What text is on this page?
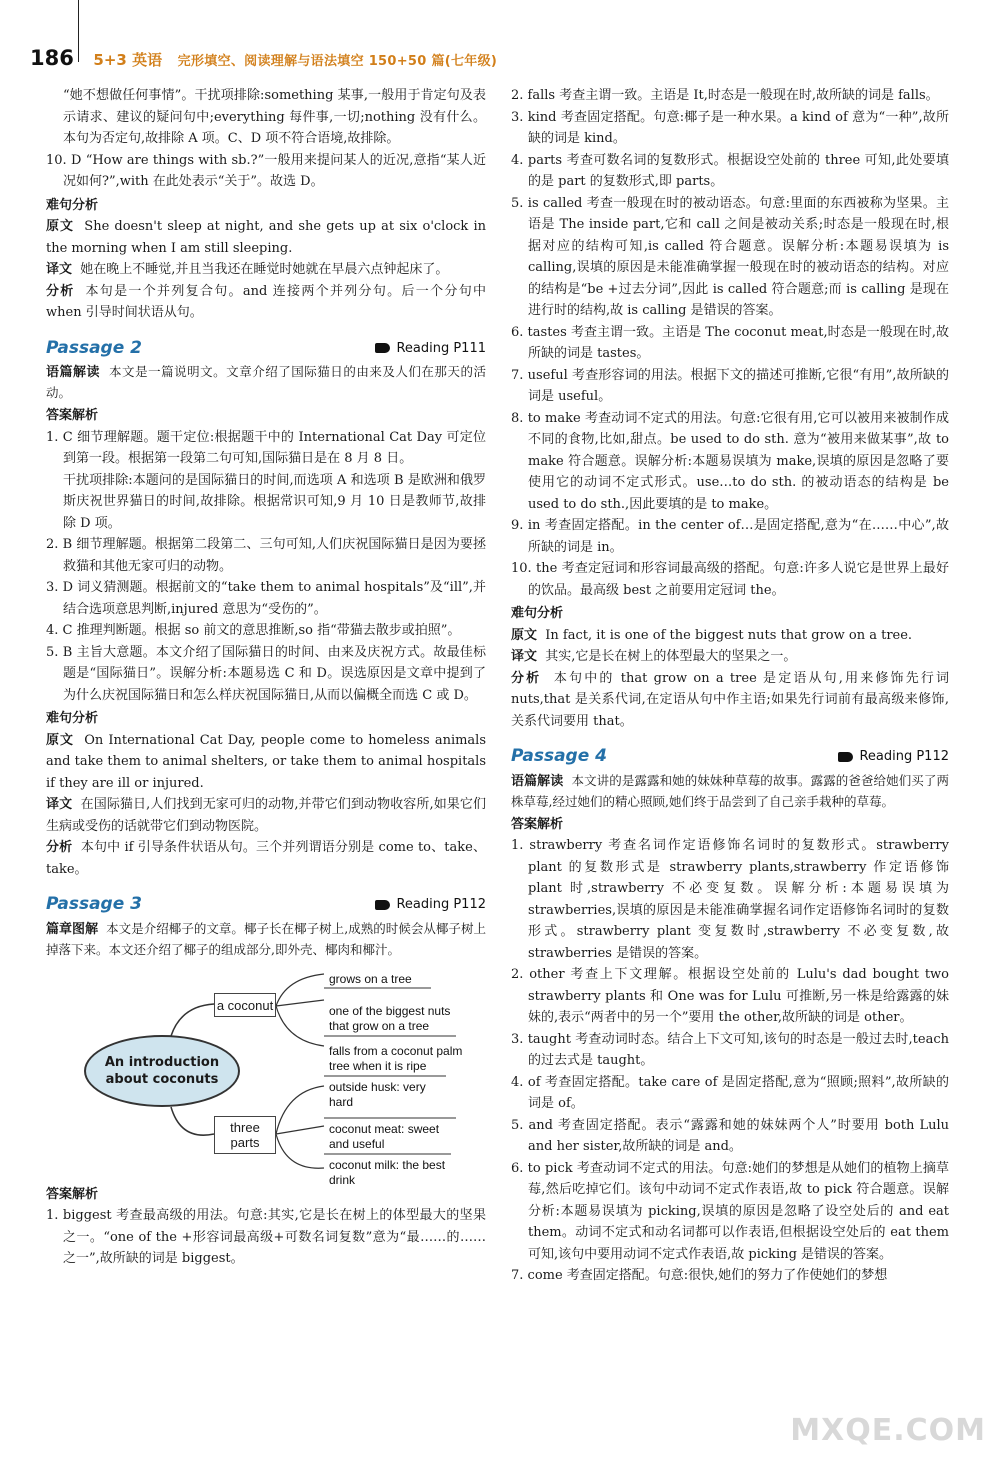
186 5+3 英语 完形填空、阅读理解与语法填空 150+50 篇(七年级)
“她不想做任何事情”。干扰项排除:something 某事,一般用于肯定句及表示请求、建议的疑问句中;everything 每件事,一切;nothing 没有什么。本句为否定句,故排除 A 项。C、D 项不符合语境,故排除。
10. D “How are things with sb.?”一般用来提问某人的近况,意指“某人近况如何?”,with 在此处表示“关于”。故选 D。
难句分析
原文 She doesn't sleep at night, and she gets up at six o'clock in the morning when I am still sleeping.
译文 她在晚上不睡觉,并且当我还在睡觉时她就在早晨六点钟起床了。
分析 本句是一个并列复合句。and 连接两个并列分句。后一个分句中 when 引导时间状语从句。
Passage 2	Reading P111
语篇解读 本文是一篇说明文。文章介绍了国际猫日的由来及人们在那天的活动。
答案解析
1. C 细节理解题。题干定位:根据题干中的 International Cat Day 可定位到第一段。根据第一段第二句可知,国际猫日是在 8 月 8 日。
干扰项排除:本题问的是国际猫日的时间,而选项 A 和选项 B 是欧洲和俄罗斯庆祝世界猫日的时间,故排除。根据常识可知,9 月 10 日是教师节,故排除 D 项。
2. B 细节理解题。根据第二段第二、三句可知,人们庆祝国际猫日是因为要拯救猫和其他无家可归的动物。
3. D 词义猜测题。根据前文的“take them to animal hospitals”及“ill”,并结合选项意思判断,injured 意思为“受伤的”。
4. C 推理判断题。根据 so 前文的意思推断,so 指“带猫去散步或拍照”。
5. B 主旨大意题。本文介绍了国际猫日的时间、由来及庆祝方式。故最佳标题是“国际猫日”。误解分析:本题易选 C 和 D。误选原因是文章中提到了为什么庆祝国际猫日和怎么样庆祝国际猫日,从而以偏概全而选 C 或 D。
难句分析
原文 On International Cat Day, people come to homeless animals and take them to animal shelters, or take them to animal hospitals if they are ill or injured.
译文 在国际猫日,人们找到无家可归的动物,并带它们到动物收容所,如果它们生病或受伤的话就带它们到动物医院。
分析 本句中 if 引导条件状语从句。三个并列谓语分别是 come to、take、take。
Passage 3	Reading P112
篇章图解 本文是介绍椰子的文章。椰子长在椰子树上,成熟的时候会从椰子树上掉落下来。本文还介绍了椰子的组成部分,即外壳、椰肉和椰汁。
An introduction about coconuts
a coconut
three parts
grows on a tree
one of the biggest nuts that grow on a tree
falls from a coconut palm tree when it is ripe
outside husk: very hard
coconut meat: sweet and useful
coconut milk: the best drink
答案解析
1. biggest 考查最高级的用法。句意:其实,它是长在树上的体型最大的坚果之一。“one of the +形容词最高级+可数名词复数”意为“最……的……之一”,故所缺的词是 biggest。
2. falls 考查主谓一致。主语是 It,时态是一般现在时,故所缺的词是 falls。
3. kind 考查固定搭配。句意:椰子是一种水果。a kind of 意为“一种”,故所缺的词是 kind。
4. parts 考查可数名词的复数形式。根据设空处前的 three 可知,此处要填的是 part 的复数形式,即 parts。
5. is called 考查一般现在时的被动语态。句意:里面的东西被称为坚果。主语是 The inside part,它和 call 之间是被动关系;时态是一般现在时,根据对应的结构可知,is called 符合题意。误解分析:本题易误填为 is calling,误填的原因是未能准确掌握一般现在时的被动语态的结构。对应的结构是“be +过去分词”,因此 is called 符合题意;而 is calling 是现在进行时的结构,故 is calling 是错误的答案。
6. tastes 考查主谓一致。主语是 The coconut meat,时态是一般现在时,故所缺的词是 tastes。
7. useful 考查形容词的用法。根据下文的描述可推断,它很“有用”,故所缺的词是 useful。
8. to make 考查动词不定式的用法。句意:它很有用,它可以被用来被制作成不同的食物,比如,甜点。be used to do sth. 意为“被用来做某事”,故 to make 符合题意。误解分析:本题易误填为 make,误填的原因是忽略了要使用它的动词不定式形式。use…to do sth. 的被动语态的结构是 be used to do sth.,因此要填的是 to make。
9. in 考查固定搭配。in the center of…是固定搭配,意为“在……中心”,故所缺的词是 in。
10. the 考查定冠词和形容词最高级的搭配。句意:许多人说它是世界上最好的饮品。最高级 best 之前要用定冠词 the。
难句分析
原文 In fact, it is one of the biggest nuts that grow on a tree.
译文 其实,它是长在树上的体型最大的坚果之一。
分析 本句中的 that grow on a tree 是定语从句,用来修饰先行词 nuts,that 是关系代词,在定语从句中作主语;如果先行词前有最高级来修饰,关系代词要用 that。
Passage 4	Reading P112
语篇解读 本文讲的是露露和她的妹妹种草莓的故事。露露的爸爸给她们买了两株草莓,经过她们的精心照顾,她们终于品尝到了自己亲手栽种的草莓。
答案解析
1. strawberry 考查名词作定语修饰名词时的复数形式。strawberry plant 的复数形式是 strawberry plants,strawberry 作定语修饰 plant 时,strawberry 不必变复数。误解分析:本题易误填为 strawberries,误填的原因是未能准确掌握名词作定语修饰名词时的复数形式。strawberry plant 变复数时,strawberry 不必变复数,故 strawberries 是错误的答案。
2. other 考查上下文理解。根据设空处前的 Lulu's dad bought two strawberry plants 和 One was for Lulu 可推断,另一株是给露露的妹妹的,表示“两者中的另一个”要用 the other,故所缺的词是 other。
3. taught 考查动词时态。结合上下文可知,该句的时态是一般过去时,teach 的过去式是 taught。
4. of 考查固定搭配。take care of 是固定搭配,意为“照顾;照料”,故所缺的词是 of。
5. and 考查固定搭配。表示“露露和她的妹妹两个人”时要用 both Lulu and her sister,故所缺的词是 and。
6. to pick 考查动词不定式的用法。句意:她们的梦想是从她们的植物上摘草莓,然后吃掉它们。该句中动词不定式作表语,故 to pick 符合题意。误解分析:本题易误填为 picking,误填的原因是忽略了设空处后的 and eat them。动词不定式和动名词都可以作表语,但根据设空处后的 eat them 可知,该句中要用动词不定式作表语,故 picking 是错误的答案。
7. come 考查固定搭配。句意:很快,她们的努力了作使她们的梦想
MXQE.COM
